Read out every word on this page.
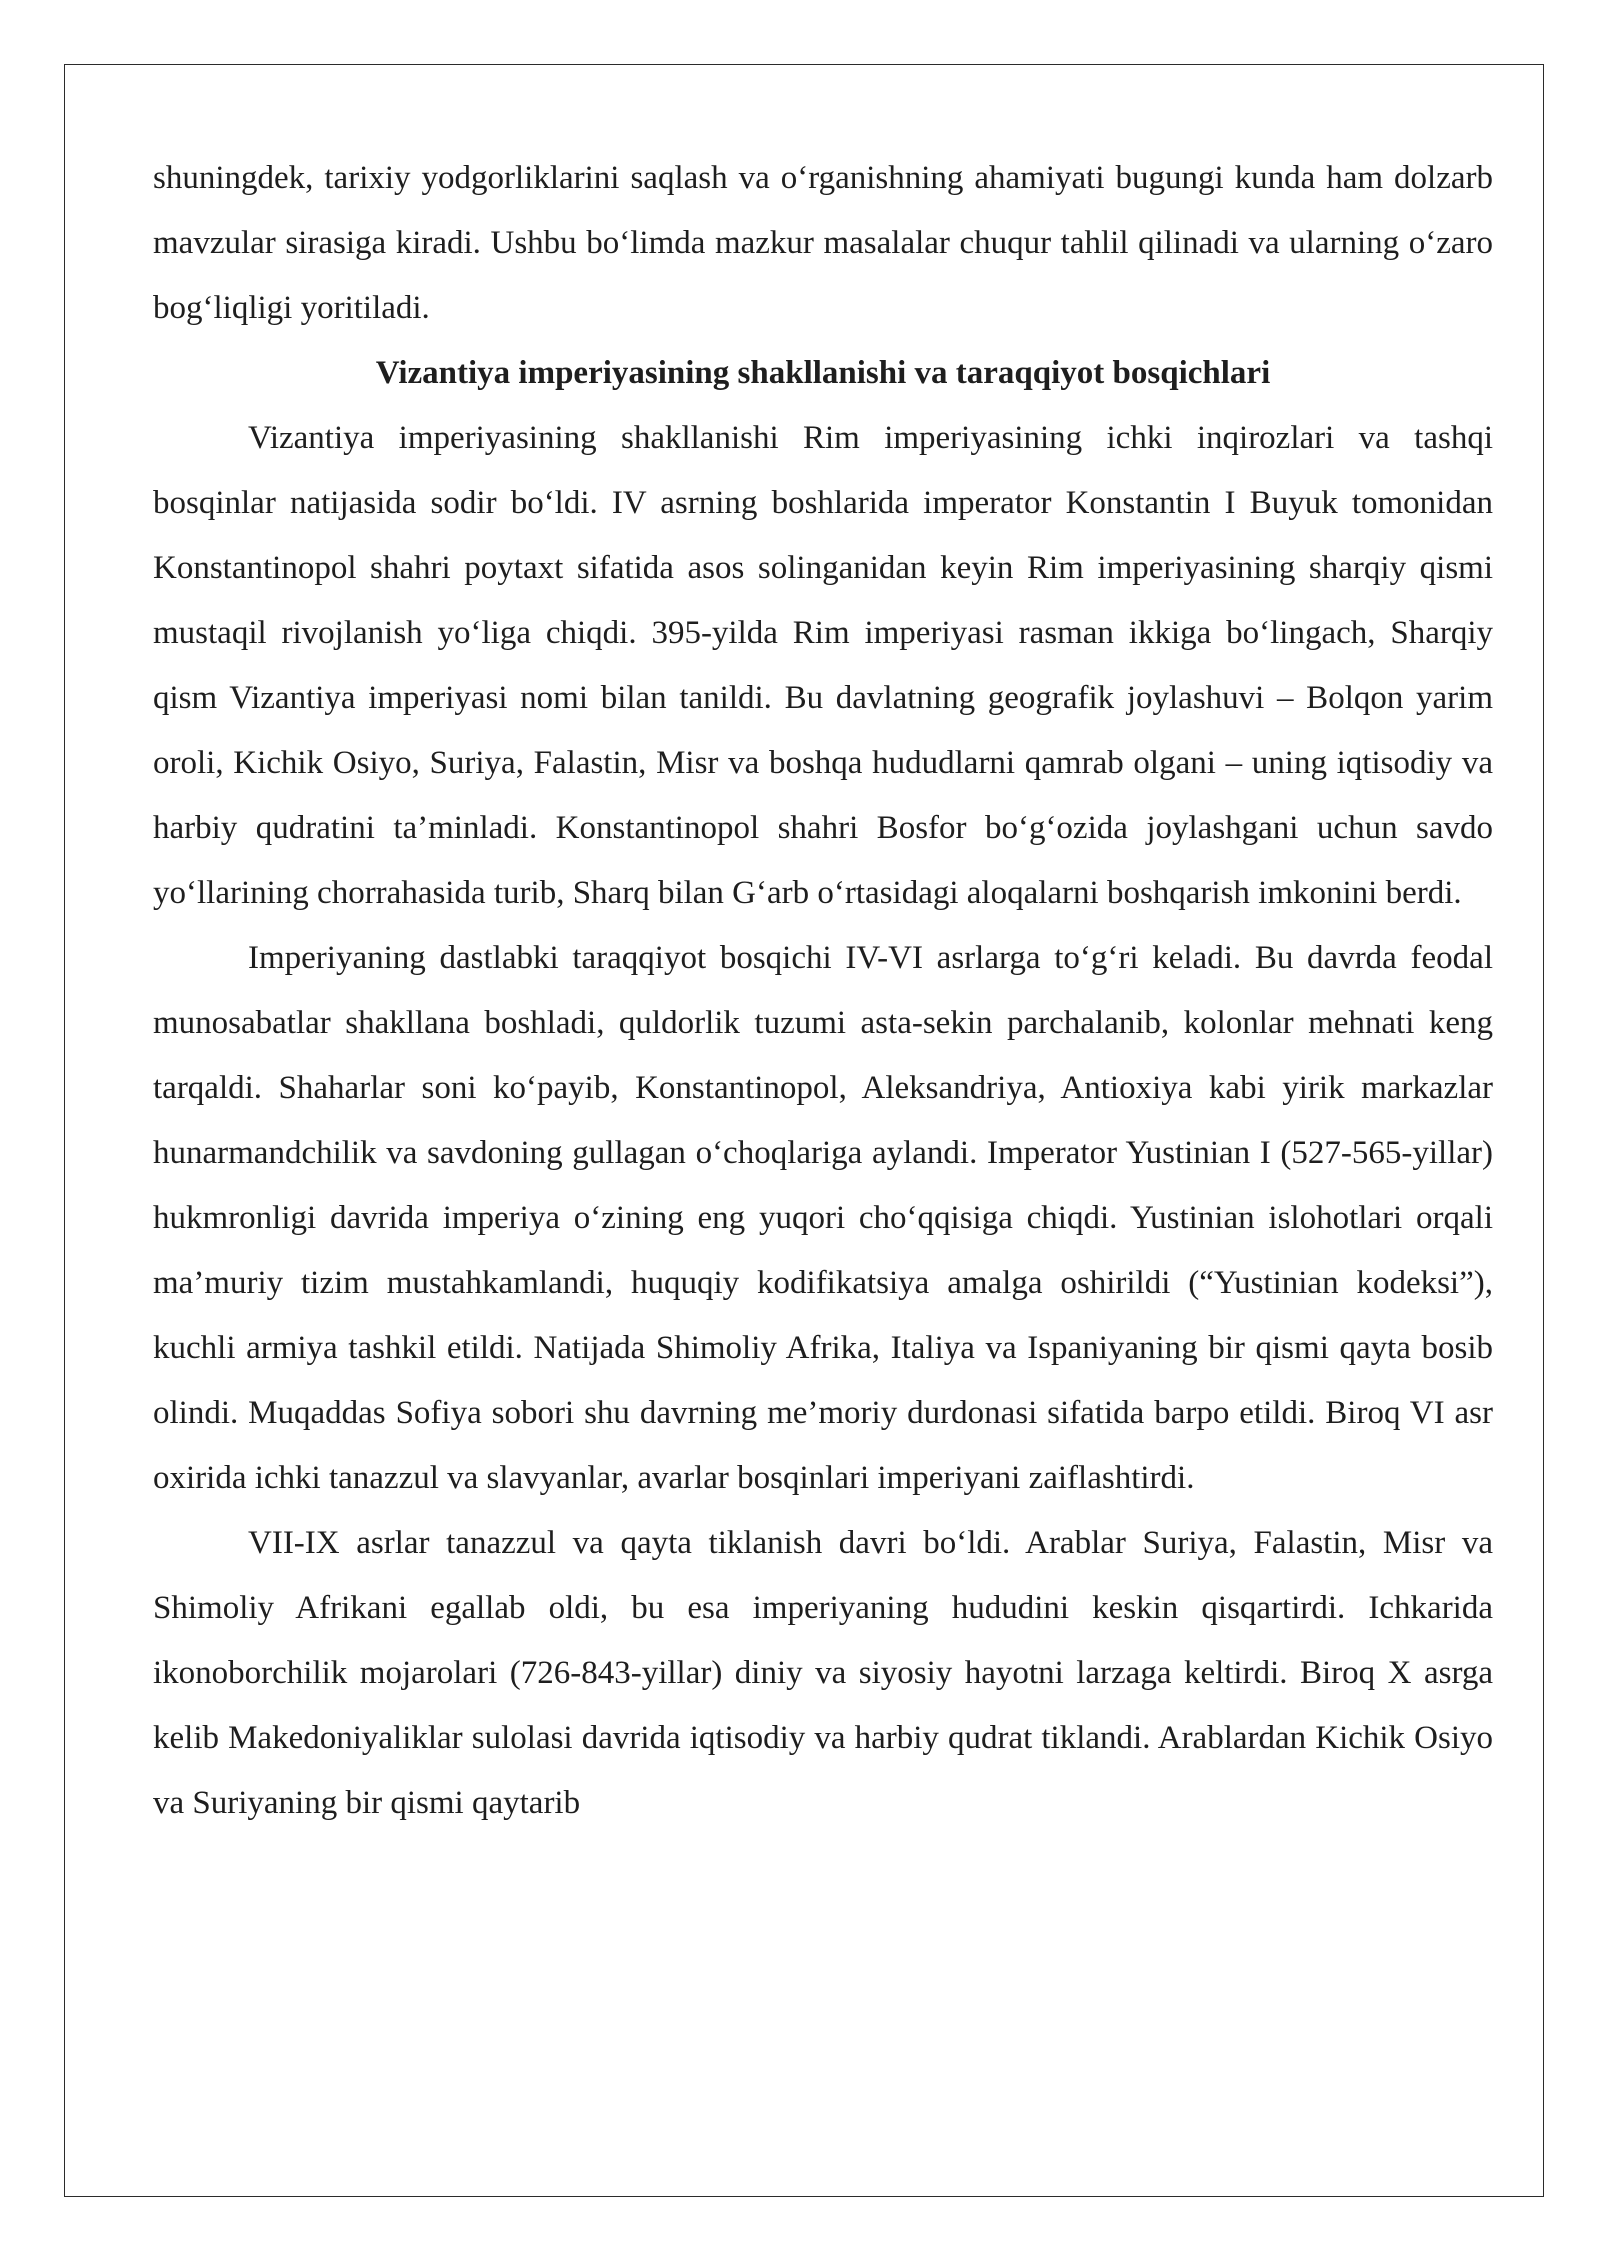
shuningdek, tarixiy yodgorliklarini saqlash va o‘rganishning ahamiyati bugungi kunda ham dolzarb mavzular sirasiga kiradi. Ushbu bo‘limda mazkur masalalar chuqur tahlil qilinadi va ularning o‘zaro bog‘liqligi yoritiladi.

Vizantiya imperiyasining shakllanishi va taraqqiyot bosqichlari

Vizantiya imperiyasining shakllanishi Rim imperiyasining ichki inqirozlari va tashqi bosqinlar natijasida sodir bo‘ldi. IV asrning boshlarida imperator Konstantin I Buyuk tomonidan Konstantinopol shahri poytaxt sifatida asos solinganidan keyin Rim imperiyasining sharqiy qismi mustaqil rivojlanish yo‘liga chiqdi. 395-yilda Rim imperiyasi rasman ikkiga bo‘lingach, Sharqiy qism Vizantiya imperiyasi nomi bilan tanildi. Bu davlatning geografik joylashuvi – Bolqon yarim oroli, Kichik Osiyo, Suriya, Falastin, Misr va boshqa hududlarni qamrab olgani – uning iqtisodiy va harbiy qudratini ta’minladi. Konstantinopol shahri Bosfor bo‘g‘ozida joylashgani uchun savdo yo‘llarining chorrahasida turib, Sharq bilan G‘arb o‘rtasidagi aloqalarni boshqarish imkonini berdi.

Imperiyaning dastlabki taraqqiyot bosqichi IV-VI asrlarga to‘g‘ri keladi. Bu davrda feodal munosabatlar shakllana boshladi, quldorlik tuzumi asta-sekin parchalanib, kolonlar mehnati keng tarqaldi. Shaharlar soni ko‘payib, Konstantinopol, Aleksandriya, Antioxiya kabi yirik markazlar hunarmandchilik va savdoning gullagan o‘choqlariga aylandi. Imperator Yustinian I (527-565-yillar) hukmronligi davrida imperiya o‘zining eng yuqori cho‘qqisiga chiqdi. Yustinian islohotlari orqali ma’muriy tizim mustahkamlandi, huquqiy kodifikatsiya amalga oshirildi (“Yustinian kodeksi”), kuchli armiya tashkil etildi. Natijada Shimoliy Afrika, Italiya va Ispaniyaning bir qismi qayta bosib olindi. Muqaddas Sofiya sobori shu davrning me’moriy durdonasi sifatida barpo etildi. Biroq VI asr oxirida ichki tanazzul va slavyanlar, avarlar bosqinlari imperiyani zaiflashtirdi.

VII-IX asrlar tanazzul va qayta tiklanish davri bo‘ldi. Arablar Suriya, Falastin, Misr va Shimoliy Afrikani egallab oldi, bu esa imperiyaning hududini keskin qisqartirdi. Ichkarida ikonoborchilik mojarolari (726-843-yillar) diniy va siyosiy hayotni larzaga keltirdi. Biroq X asrga kelib Makedoniyaliklar sulolasi davrida iqtisodiy va harbiy qudrat tiklandi. Arablardan Kichik Osiyo va Suriyaning bir qismi qaytarib
